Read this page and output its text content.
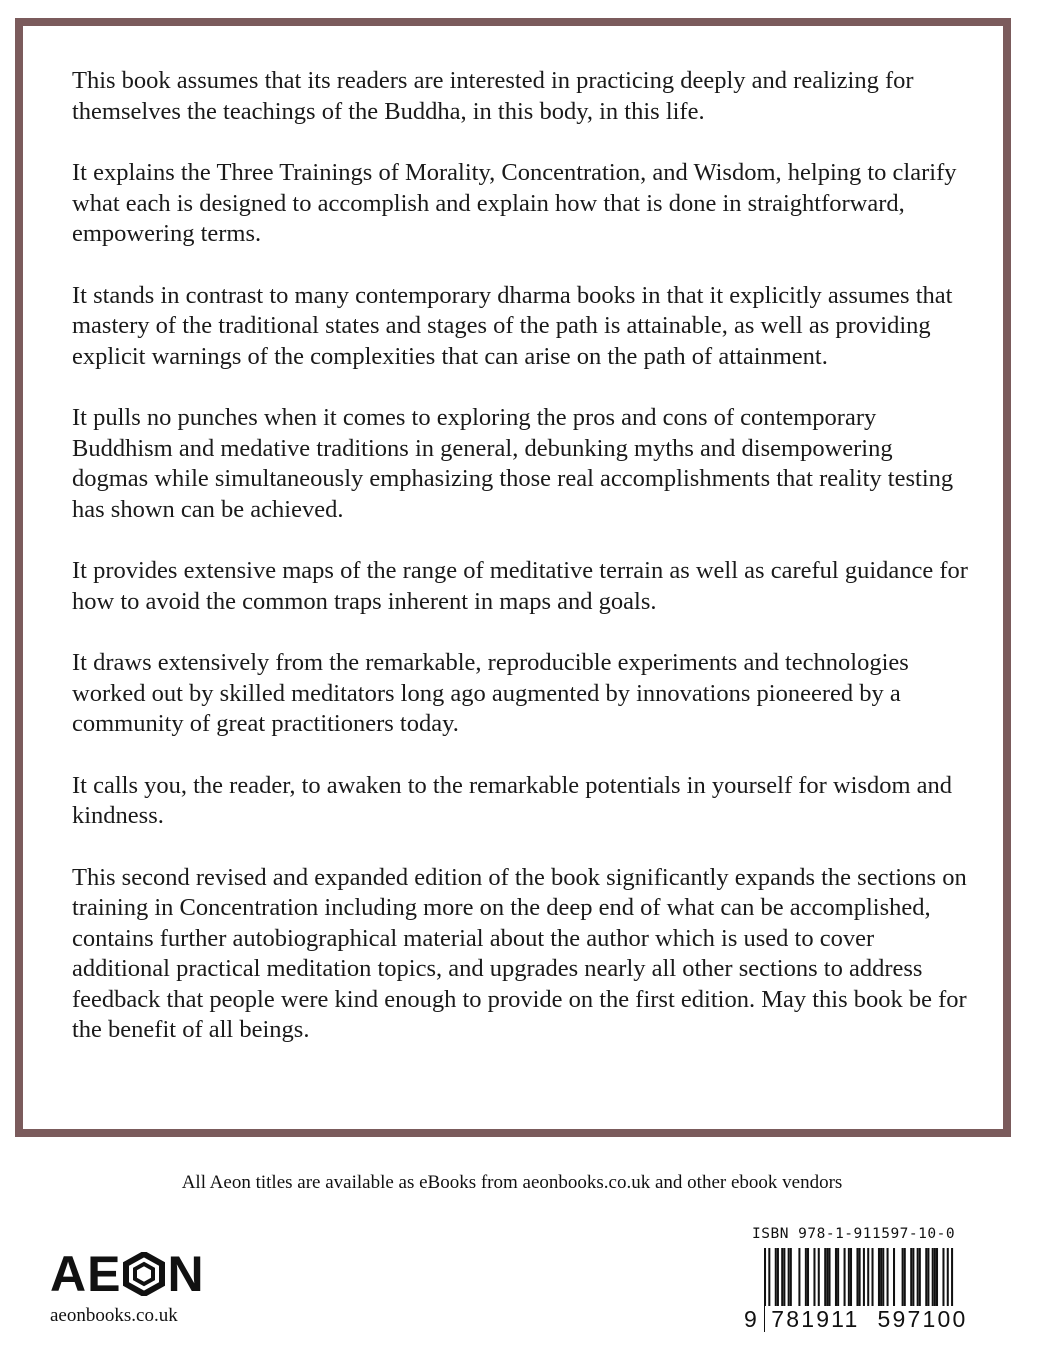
This book assumes that its readers are interested in practicing deeply and realizing for themselves the teachings of the Buddha, in this body, in this life.

It explains the Three Trainings of Morality, Concentration, and Wisdom, helping to clarify what each is designed to accomplish and explain how that is done in straightforward, empowering terms.

It stands in contrast to many contemporary dharma books in that it explicitly assumes that mastery of the traditional states and stages of the path is attainable, as well as providing explicit warnings of the complexities that can arise on the path of attainment.

It pulls no punches when it comes to exploring the pros and cons of contemporary Buddhism and medative traditions in general, debunking myths and disempowering dogmas while simultaneously emphasizing those real accomplishments that reality testing has shown can be achieved.

It provides extensive maps of the range of meditative terrain as well as careful guidance for how to avoid the common traps inherent in maps and goals.

It draws extensively from the remarkable, reproducible experiments and technologies worked out by skilled meditators long ago augmented by innovations pioneered by a community of great practitioners today.

It calls you, the reader, to awaken to the remarkable potentials in yourself for wisdom and kindness.

This second revised and expanded edition of the book significantly expands the sections on training in Concentration including more on the deep end of what can be accomplished, contains further autobiographical material about the author which is used to cover additional practical meditation topics, and upgrades nearly all other sections to address feedback that people were kind enough to provide on the first edition. May this book be for the benefit of all beings.

All Aeon titles are available as eBooks from aeonbooks.co.uk and other ebook vendors
AE N
aeonbooks.co.uk
ISBN 978-1-911597-10-0
9 781911 597100
